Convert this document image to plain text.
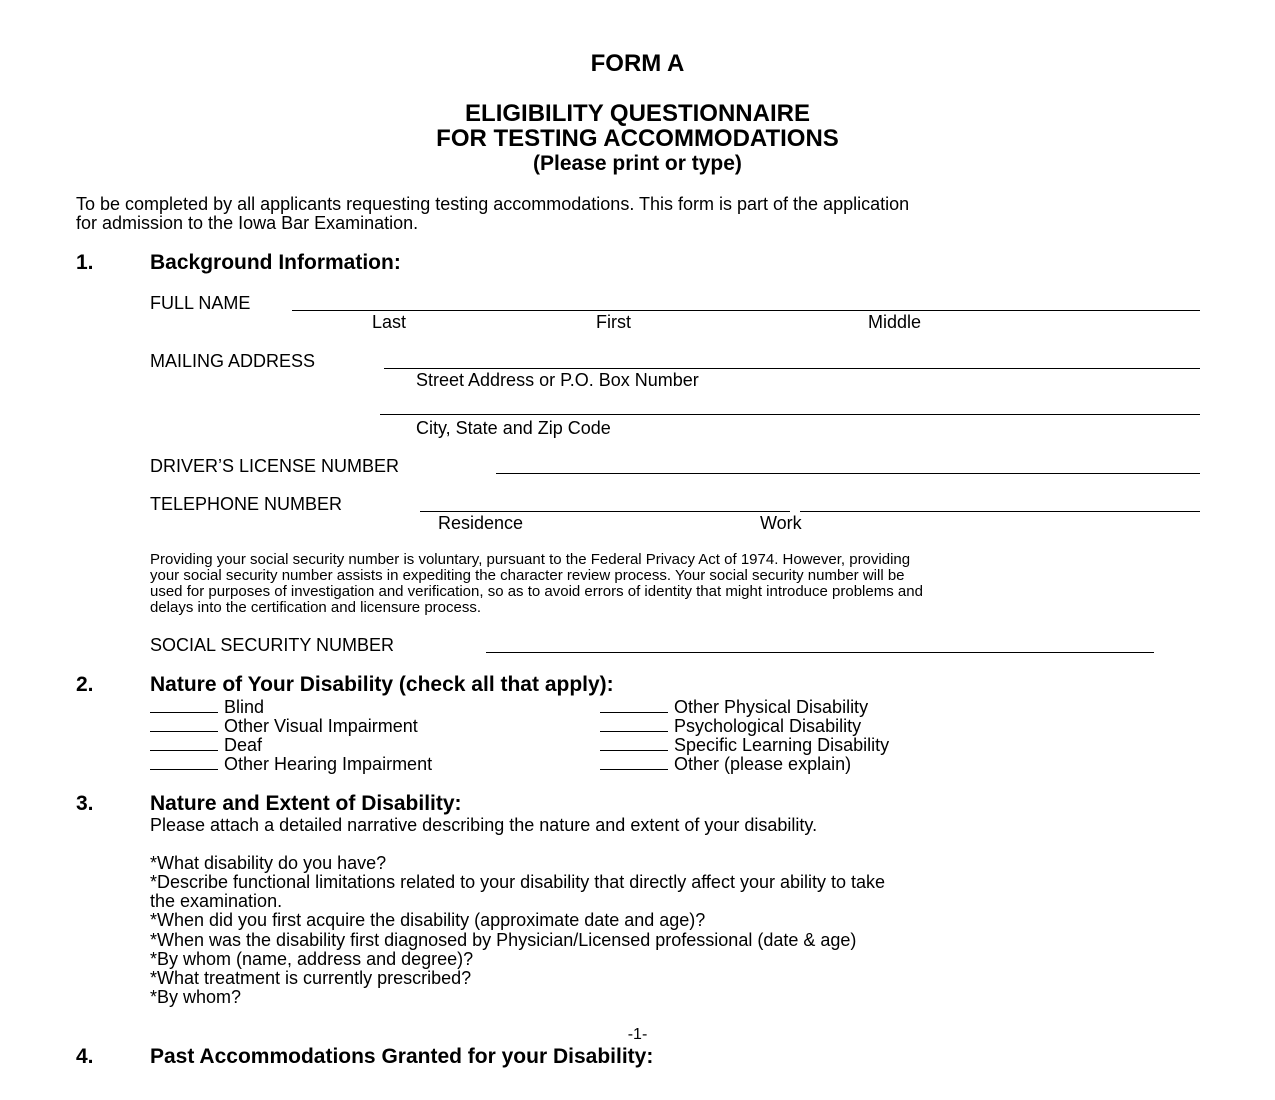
FORM A
ELIGIBILITY QUESTIONNAIRE
FOR TESTING ACCOMMODATIONS
(Please print or type)
To be completed by all applicants requesting testing accommodations. This form is part of the application
for admission to the Iowa Bar Examination.
1.	Background Information:
FULL NAME
Last	First	Middle
MAILING ADDRESS
Street Address or P.O. Box Number
City, State and Zip Code
DRIVER’S LICENSE NUMBER
TELEPHONE NUMBER
Residence	Work
Providing your social security number is voluntary, pursuant to the Federal Privacy Act of 1974. However, providing
your social security number assists in expediting the character review process. Your social security number will be
used for purposes of investigation and verification, so as to avoid errors of identity that might introduce problems and
delays into the certification and licensure process.
SOCIAL SECURITY NUMBER
2.	Nature of Your Disability (check all that apply):
Blind
Other Visual Impairment
Deaf
Other Hearing Impairment
Other Physical Disability
Psychological Disability
Specific Learning Disability
Other (please explain)
3.	Nature and Extent of Disability:
Please attach a detailed narrative describing the nature and extent of your disability.
*What disability do you have?
*Describe functional limitations related to your disability that directly affect your ability to take
the examination.
*When did you first acquire the disability (approximate date and age)?
*When was the disability first diagnosed by Physician/Licensed professional (date & age)
*By whom (name, address and degree)?
*What treatment is currently prescribed?
*By whom?
-1-
4.	Past Accommodations Granted for your Disability:
